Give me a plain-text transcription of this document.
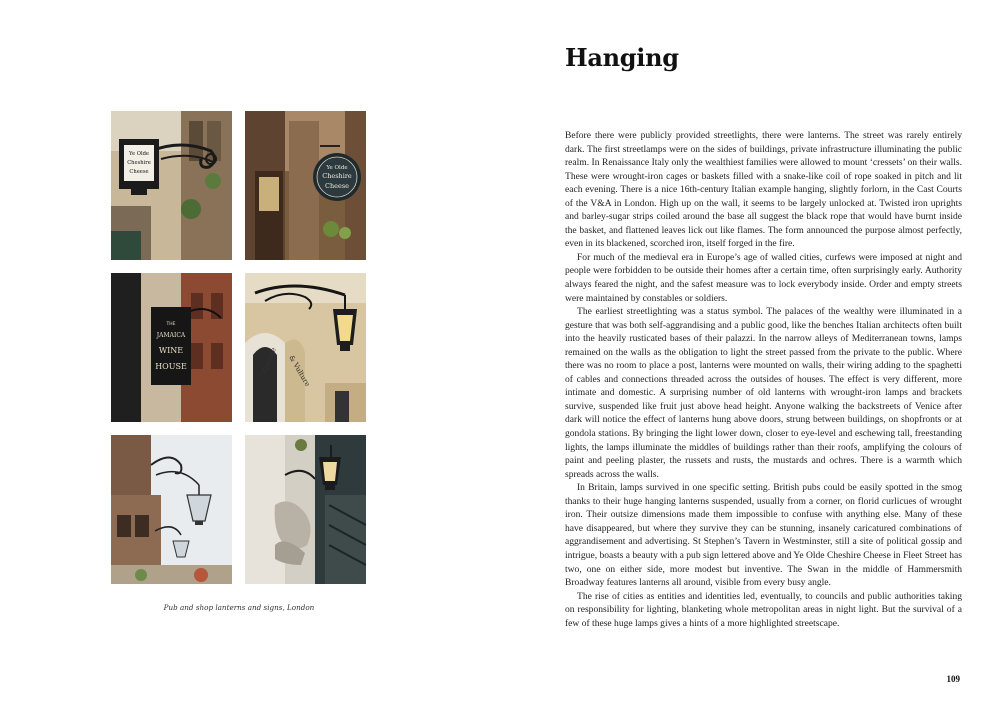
Ye Olde
Cheshire
Cheese
Ye Olde
Cheshire
Cheese
THE
JAMAICA
WINE
HOUSE	George & Vulture
Pub and shop lanterns and signs, London
Hanging

Before there were publicly provided streetlights, there were lanterns. The street was rarely entirely dark. The first streetlamps were on the sides of buildings, private infrastructure illuminating the public realm. In Renaissance Italy only the wealthiest families were allowed to mount ‘cressets’ on their walls. These were wrought-iron cages or baskets filled with a snake-like coil of rope soaked in pitch and lit each evening. There is a nice 16th-century Italian example hanging, slightly forlorn, in the Cast Courts of the V&A in London. High up on the wall, it seems to be largely unlocked at. Twisted iron uprights and barley-sugar strips coiled around the base all suggest the black rope that would have burnt inside the basket, and flattened leaves lick out like flames. The form announced the purpose almost perfectly, even in its blackened, scorched iron, itself forged in the fire.

For much of the medieval era in Europe’s age of walled cities, curfews were imposed at night and people were forbidden to be outside their homes after a certain time, often surprisingly early. Authority always feared the night, and the safest measure was to lock everybody inside. Order and empty streets were maintained by constables or soldiers.

The earliest streetlighting was a status symbol. The palaces of the wealthy were illuminated in a gesture that was both self-aggrandising and a public good, like the benches Italian architects often built into the heavily rusticated bases of their palazzi. In the narrow alleys of Mediterranean towns, lamps remained on the walls as the obligation to light the street passed from the private to the public. Where there was no room to place a post, lanterns were mounted on walls, their wiring adding to the spaghetti of cables and connections threaded across the outsides of houses. The effect is very different, more intimate and domestic. A surprising number of old lanterns with wrought-iron lamps and brackets survive, suspended like fruit just above head height. Anyone walking the backstreets of Venice after dark will notice the effect of lanterns hung above doors, strung between buildings, on shopfronts or at gondola stations. By bringing the light lower down, closer to eye-level and eschewing tall, freestanding lights, the lamps illuminate the middles of buildings rather than their roofs, amplifying the colours of paint and peeling plaster, the russets and rusts, the mustards and ochres. There is a warmth which spreads across the walls.

In Britain, lamps survived in one specific setting. British pubs could be easily spotted in the smog thanks to their huge hanging lanterns suspended, usually from a corner, on florid curlicues of wrought iron. Their outsize dimensions made them impossible to confuse with anything else. Many of these have disappeared, but where they survive they can be stunning, insanely caricatured combinations of aggrandisement and advertising. St Stephen’s Tavern in Westminster, still a site of political gossip and intrigue, boasts a beauty with a pub sign lettered above and Ye Olde Cheshire Cheese in Fleet Street has two, one on either side, more modest but inventive. The Swan in the middle of Hammersmith Broadway features lanterns all around, visible from every busy angle.

The rise of cities as entities and identities led, eventually, to councils and public authorities taking on responsibility for lighting, blanketing whole metropolitan areas in night light. But the survival of a few of these huge lamps gives a hints of a more highlighted streetscape.

109
